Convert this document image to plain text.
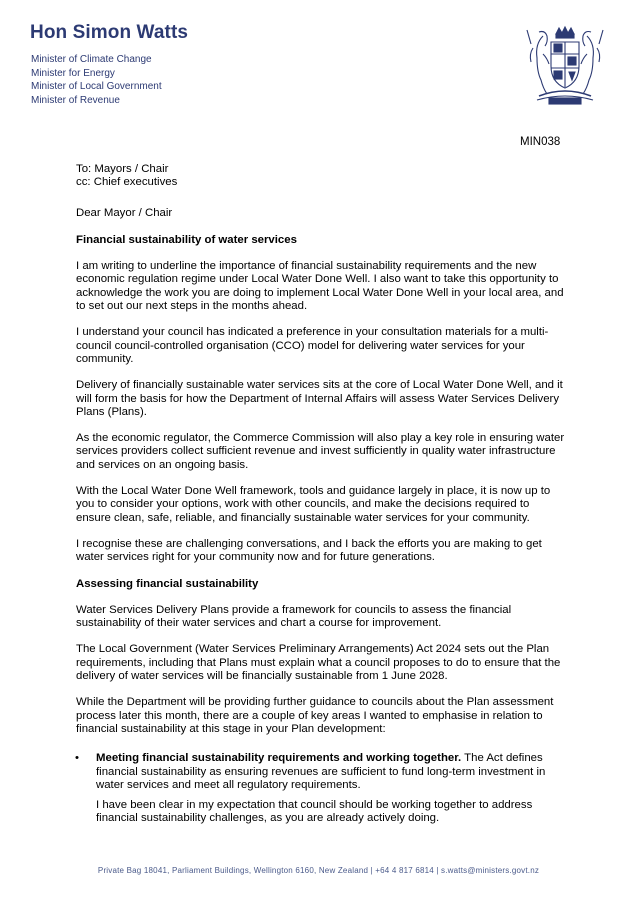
Hon Simon Watts
Minister of Climate Change
Minister for Energy
Minister of Local Government
Minister of Revenue
MIN038

To: Mayors / Chair

cc: Chief executives

Dear Mayor / Chair

Financial sustainability of water services

I am writing to underline the importance of financial sustainability requirements and the new economic regulation regime under Local Water Done Well. I also want to take this opportunity to acknowledge the work you are doing to implement Local Water Done Well in your local area, and to set out our next steps in the months ahead.

I understand your council has indicated a preference in your consultation materials for a multi-council council-controlled organisation (CCO) model for delivering water services for your community.

Delivery of financially sustainable water services sits at the core of Local Water Done Well, and it will form the basis for how the Department of Internal Affairs will assess Water Services Delivery Plans (Plans).

As the economic regulator, the Commerce Commission will also play a key role in ensuring water services providers collect sufficient revenue and invest sufficiently in quality water infrastructure and services on an ongoing basis.

With the Local Water Done Well framework, tools and guidance largely in place, it is now up to you to consider your options, work with other councils, and make the decisions required to ensure clean, safe, reliable, and financially sustainable water services for your community.

I recognise these are challenging conversations, and I back the efforts you are making to get water services right for your community now and for future generations.

Assessing financial sustainability

Water Services Delivery Plans provide a framework for councils to assess the financial sustainability of their water services and chart a course for improvement.

The Local Government (Water Services Preliminary Arrangements) Act 2024 sets out the Plan requirements, including that Plans must explain what a council proposes to do to ensure that the delivery of water services will be financially sustainable from 1 June 2028.

While the Department will be providing further guidance to councils about the Plan assessment process later this month, there are a couple of key areas I wanted to emphasise in relation to financial sustainability at this stage in your Plan development:

• Meeting financial sustainability requirements and working together. The Act defines financial sustainability as ensuring revenues are sufficient to fund long-term investment in water services and meet all regulatory requirements.

I have been clear in my expectation that council should be working together to address financial sustainability challenges, as you are already actively doing.

Private Bag 18041, Parliament Buildings, Wellington 6160, New Zealand | +64 4 817 6814 | s.watts@ministers.govt.nz
